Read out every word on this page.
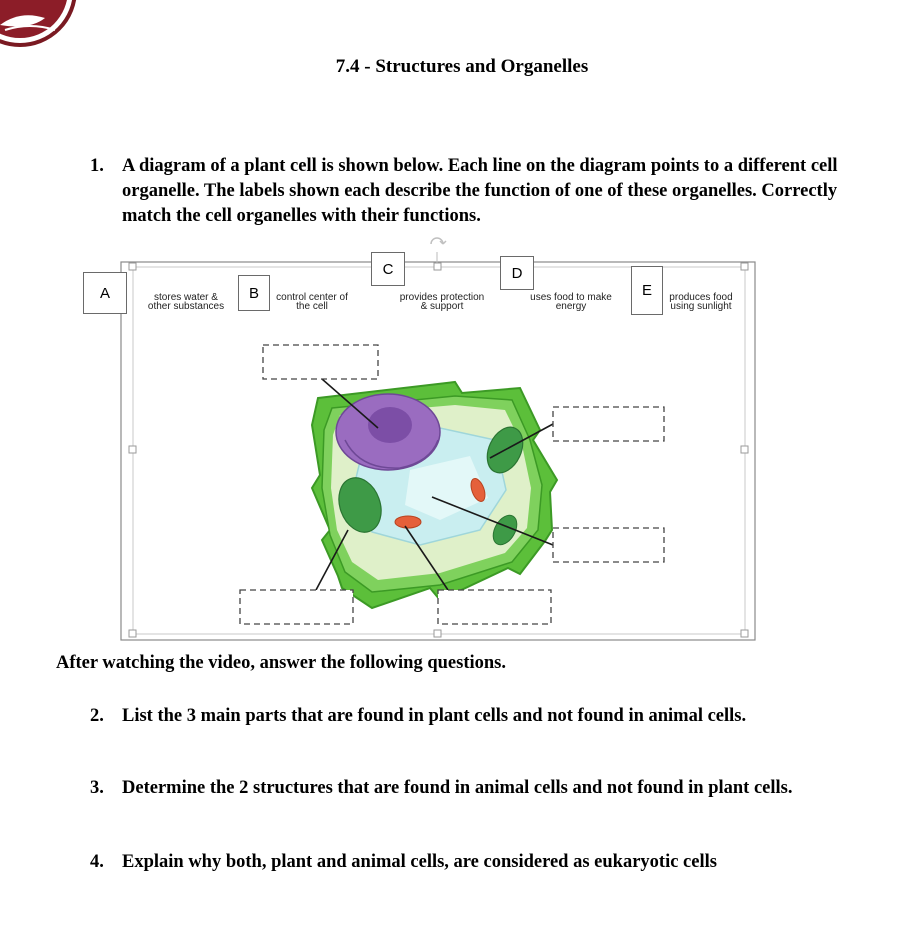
7.4 - Structures and Organelles
1. A diagram of a plant cell is shown below. Each line on the diagram points to a different cell organelle. The labels shown each describe the function of one of these organelles. Correctly match the cell organelles with their functions.
A	B
C	D
E
stores water &
other substances
control center of
the cell
provides protection
& support
uses food to make
energy
produces food
using sunlight
After watching the video, answer the following questions.
2. List the 3 main parts that are found in plant cells and not found in animal cells.
3. Determine the 2 structures that are found in animal cells and not found in plant cells.
4. Explain why both, plant and animal cells, are considered as eukaryotic cells
